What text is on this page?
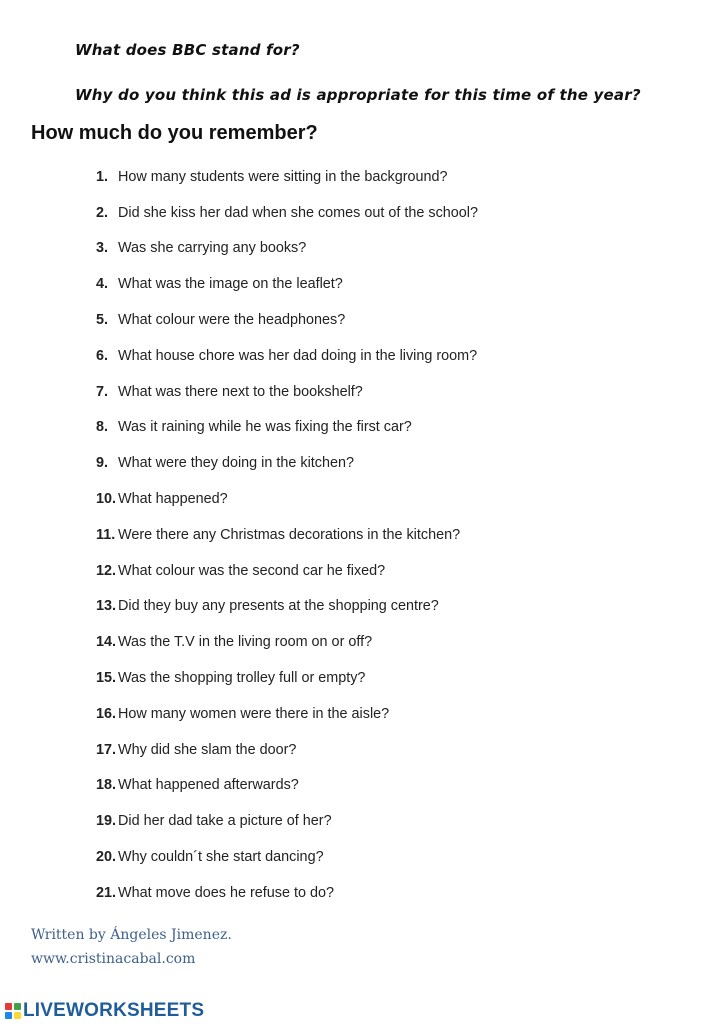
What does BBC stand for?
Why do you think this ad is appropriate for this time of the year?
How much do you remember?
1. How many students were sitting in the background?
2. Did she kiss her dad when she comes out of the school?
3. Was she carrying any books?
4. What was the image on the leaflet?
5. What colour were the headphones?
6. What house chore was her dad doing in the living room?
7. What was there next to the bookshelf?
8. Was it raining while he was fixing the first car?
9. What were they doing in the kitchen?
10. What happened?
11. Were there any Christmas decorations in the kitchen?
12. What colour was the second car he fixed?
13. Did they buy any presents at the shopping centre?
14. Was the T.V in the living room on or off?
15. Was the shopping trolley full or empty?
16. How many women were there in the aisle?
17. Why did she slam the door?
18. What happened afterwards?
19. Did her dad take a picture of her?
20. Why couldn´t she start dancing?
21. What move does he refuse to do?
Written by Ángeles Jimenez.
www.cristinacabal.com
LIVEWORKSHEETS
